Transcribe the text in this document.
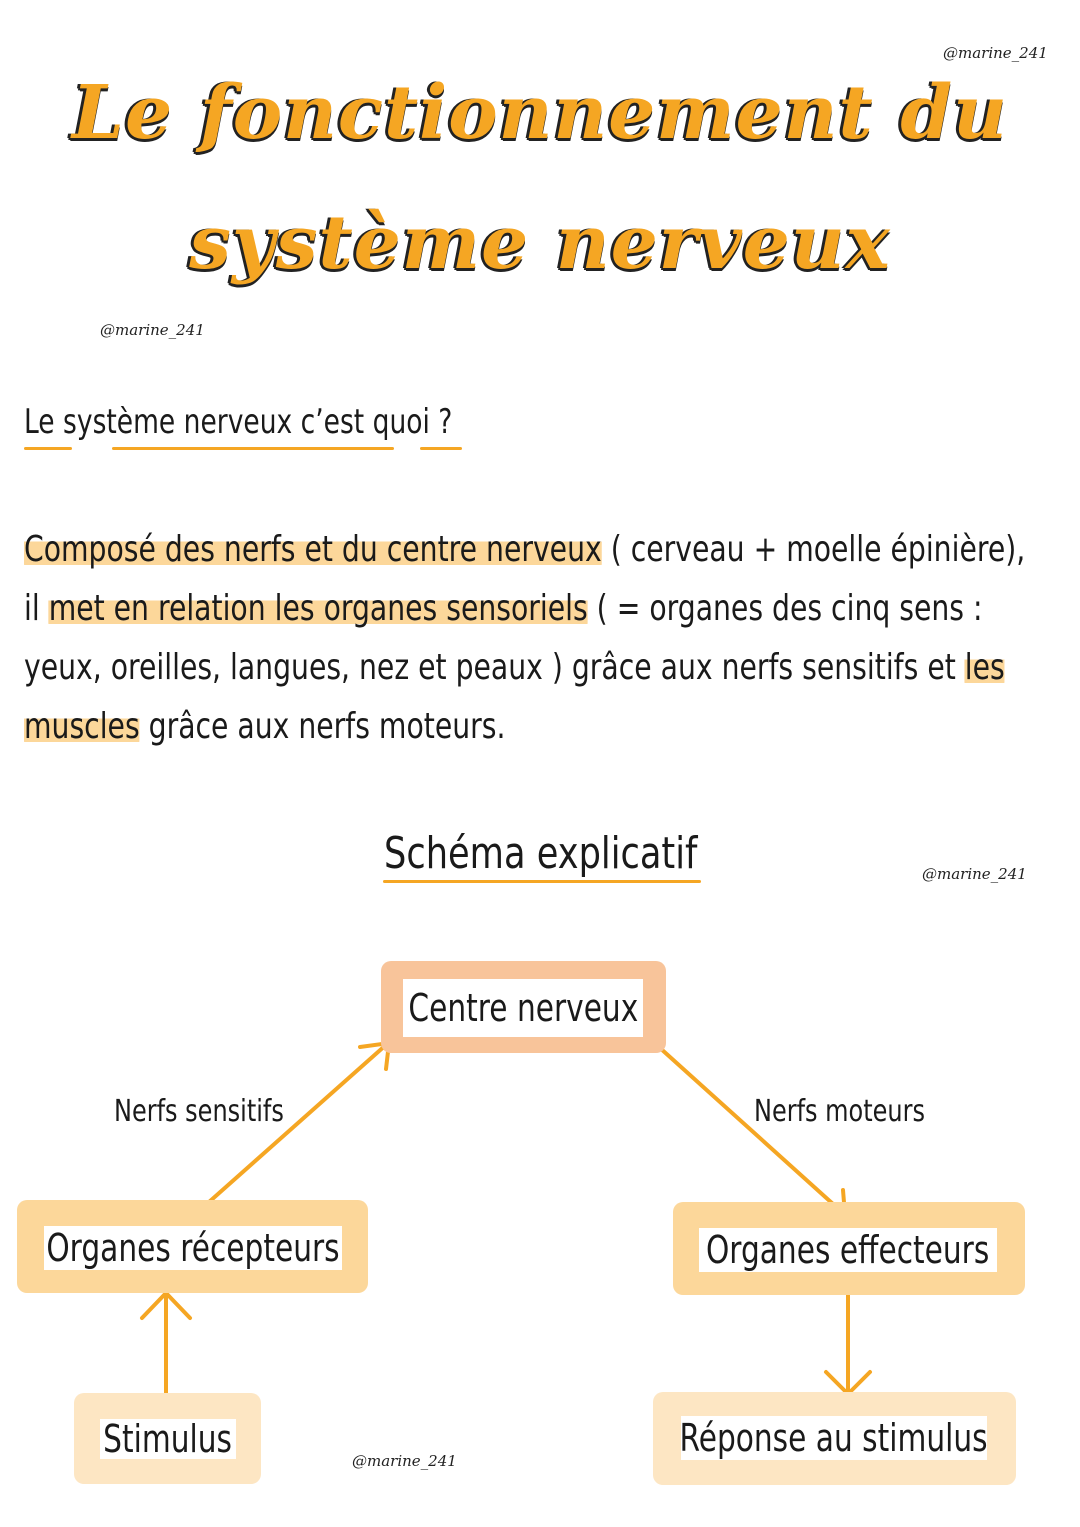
@marine_241
@marine_241
@marine_241
@marine_241
Le fonctionnement du
système nerveux
Le système nerveux c’est quoi ?
Composé des nerfs et du centre nerveux ( cerveau + moelle épinière),
il met en relation les organes sensoriels ( = organes des cinq sens :
yeux, oreilles, langues, nez et peaux ) grâce aux nerfs sensitifs et les
muscles grâce aux nerfs moteurs.
Schéma explicatif
Centre nerveux
Nerfs sensitifs	Nerfs moteurs
Organes récepteurs	Organes effecteurs
Stimulus	Réponse au stimulus
